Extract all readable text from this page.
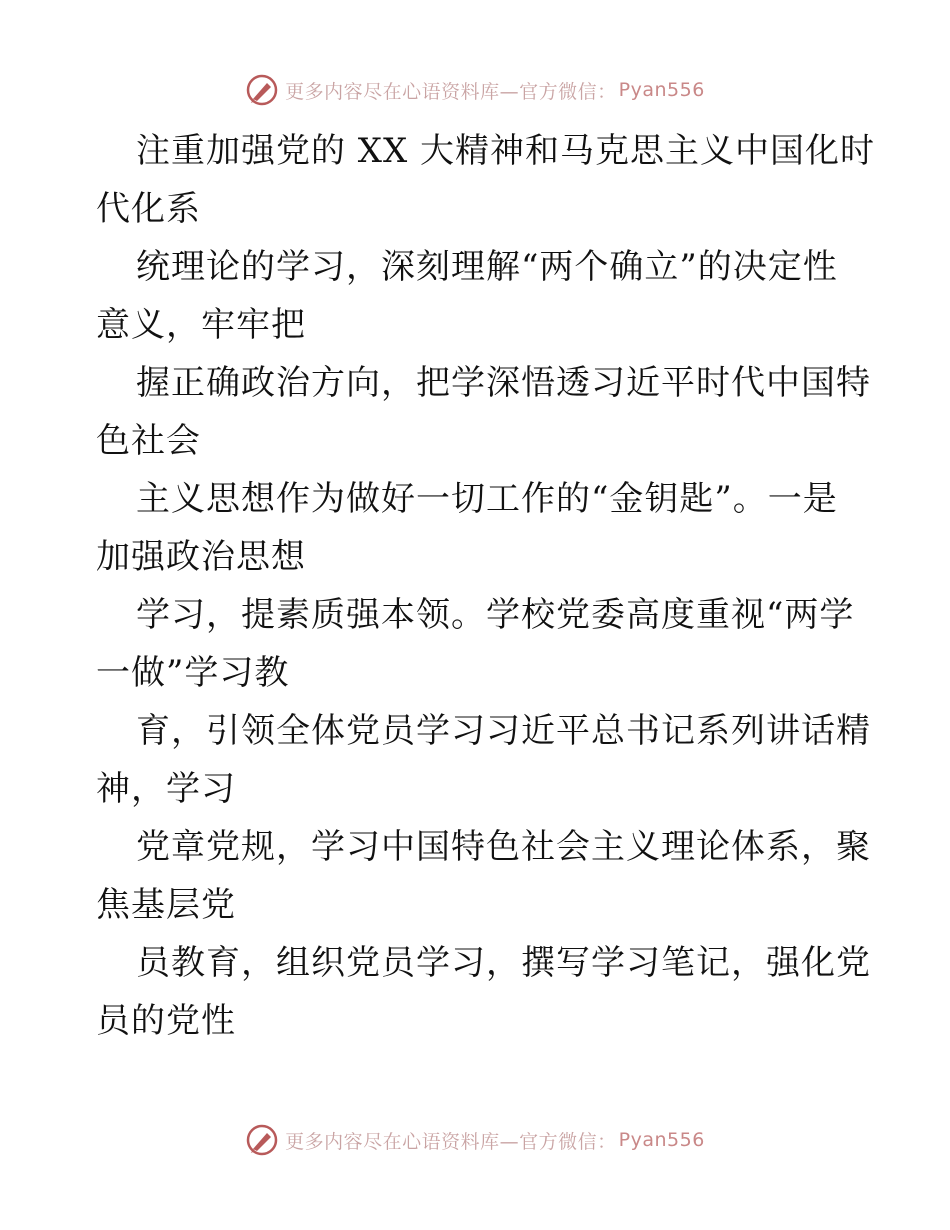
更多内容尽在心语资料库—官方微信： Pyan556

注重加强党的 XX 大精神和马克思主义中国化时
代化系

统理论的学习，深刻理解“两个确立”的决定性
意义，牢牢把

握正确政治方向，把学深悟透习近平时代中国特
色社会

主义思想作为做好一切工作的“金钥匙”。一是
加强政治思想

学习，提素质强本领。学校党委高度重视“两学
一做”学习教

育，引领全体党员学习习近平总书记系列讲话精
神，学习

党章党规，学习中国特色社会主义理论体系，聚
焦基层党

员教育，组织党员学习，撰写学习笔记，强化党
员的党性

更多内容尽在心语资料库—官方微信： Pyan556
